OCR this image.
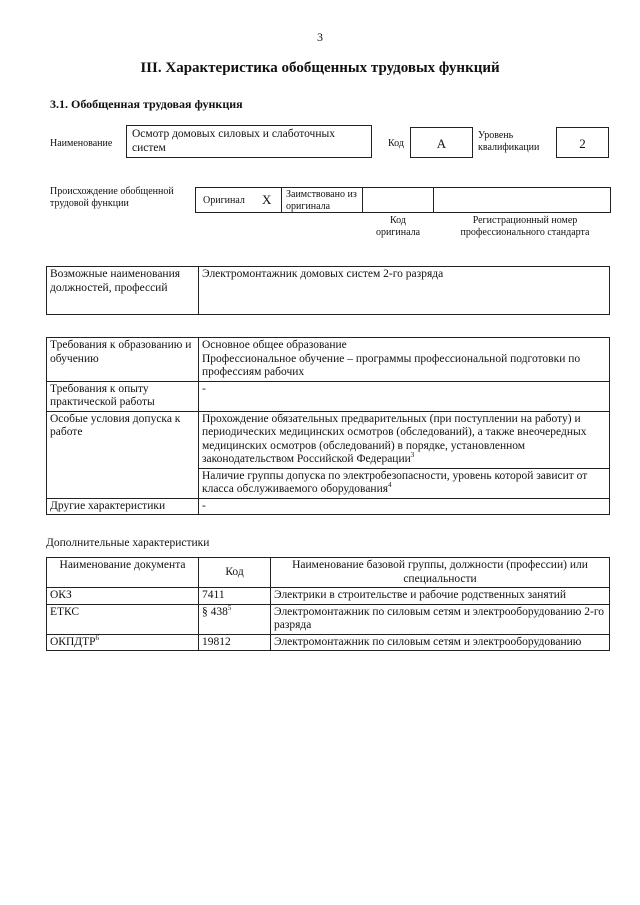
3
III. Характеристика обобщенных трудовых функций
3.1. Обобщенная трудовая функция
Наименование
Осмотр домовых силовых и слаботочных систем	Код	А
Уровень квалификации	2
Происхождение обобщенной трудовой функции	Оригинал Х	Заимствовано из оригинала
Код оригинала
Регистрационный номер профессионального стандарта
Возможные наименования должностей, профессий	Электромонтажник домовых систем 2-го разряда
Требования к образованию и обучению	Основное общее образование
Профессиональное обучение – программы профессиональной подготовки по профессиям рабочих

Требования к опыту практической работы	-
Особые условия допуска к работе	Прохождение обязательных предварительных (при поступлении на работу) и периодических медицинских осмотров (обследований), а также внеочередных медицинских осмотров (обследований) в порядке, установленном законодательством Российской Федерации$^3$
	Наличие группы допуска по электробезопасности, уровень которой зависит от класса обслуживаемого оборудования$^4$
Другие характеристики	-
Дополнительные характеристики
Наименование документа	Код	Наименование базовой группы, должности (профессии) или специальности
ОКЗ	7411	Электрики в строительстве и рабочие родственных занятий
ЕТКС	§ $438^5$	Электромонтажник по силовым сетям и электрооборудованию 2-го разряда
ОКПДТР$^6$	19812	Электромонтажник по силовым сетям и электрооборудованию
